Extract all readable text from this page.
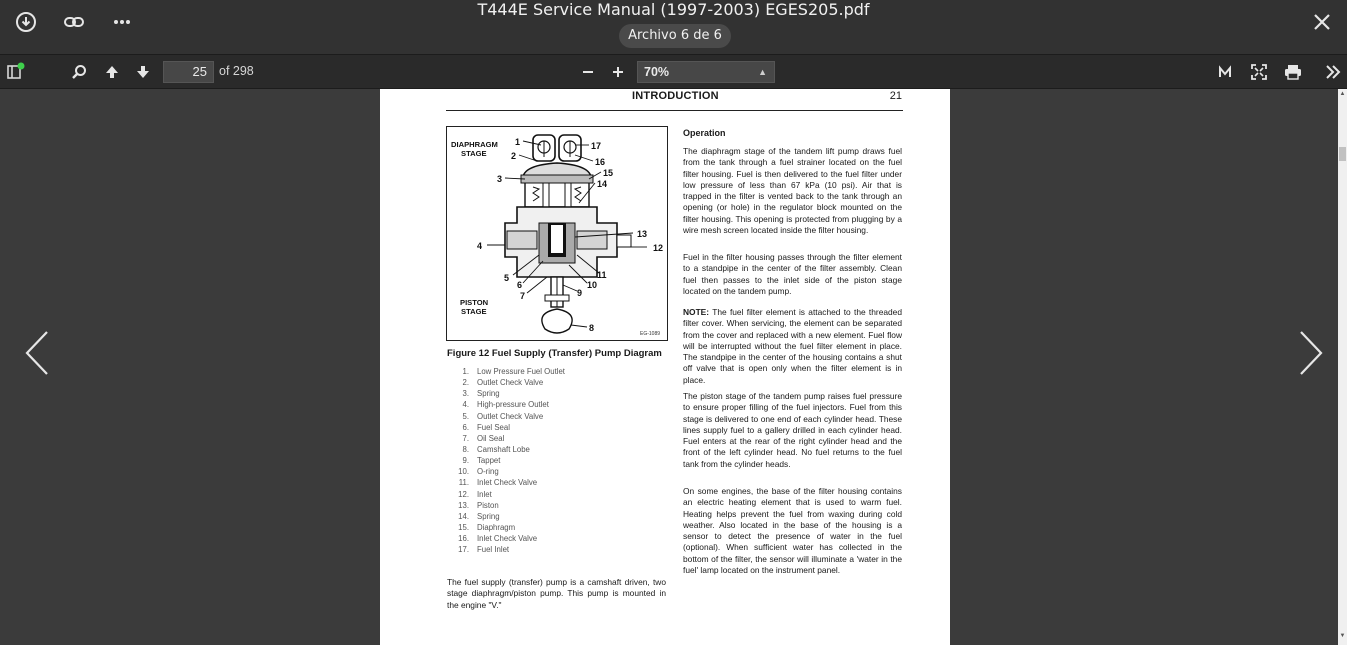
T444E Service Manual (1997-2003) EGES205.pdf
Archivo 6 de 6
25 of 298	70%	▲

▲
▼
INTRODUCTION	21
DIAPHRAGM
STAGE
PISTON
STAGE
EG-1089
1
2
3
4
5
6
7
8
9
10
11
12
13
14
15
16
17
Figure 12 Fuel Supply (Transfer) Pump Diagram
1. Low Pressure Fuel Outlet
2. Outlet Check Valve
3. Spring
4. High-pressure Outlet
5. Outlet Check Valve
6. Fuel Seal
7. Oil Seal
8. Camshaft Lobe
9. Tappet
10. O-ring
11. Inlet Check Valve
12. Inlet
13. Piston
14. Spring
15. Diaphragm
16. Inlet Check Valve
17. Fuel Inlet
The fuel supply (transfer) pump is a camshaft driven, two stage diaphragm/piston pump. This pump is mounted in the engine "V."
Operation
The diaphragm stage of the tandem lift pump draws fuel from the tank through a fuel strainer located on the fuel filter housing. Fuel is then delivered to the fuel filter under low pressure of less than 67 kPa (10 psi). Air that is trapped in the filter is vented back to the tank through an opening (or hole) in the regulator block mounted on the filter housing. This opening is protected from plugging by a wire mesh screen located inside the filter housing.
Fuel in the filter housing passes through the filter element to a standpipe in the center of the filter assembly. Clean fuel then passes to the inlet side of the piston stage located on the tandem pump.
NOTE: The fuel filter element is attached to the threaded filter cover. When servicing, the element can be separated from the cover and replaced with a new element. Fuel flow will be interrupted without the fuel filter element in place. The standpipe in the center of the housing contains a shut off valve that is open only when the filter element is in place.
The piston stage of the tandem pump raises fuel pressure to ensure proper filling of the fuel injectors. Fuel from this stage is delivered to one end of each cylinder head. These lines supply fuel to a gallery drilled in each cylinder head. Fuel enters at the rear of the right cylinder head and the front of the left cylinder head. No fuel returns to the fuel tank from the cylinder heads.
On some engines, the base of the filter housing contains an electric heating element that is used to warm fuel. Heating helps prevent the fuel from waxing during cold weather. Also located in the base of the housing is a sensor to detect the presence of water in the fuel (optional). When sufficient water has collected in the bottom of the filter, the sensor will illuminate a 'water in the fuel' lamp located on the instrument panel.
